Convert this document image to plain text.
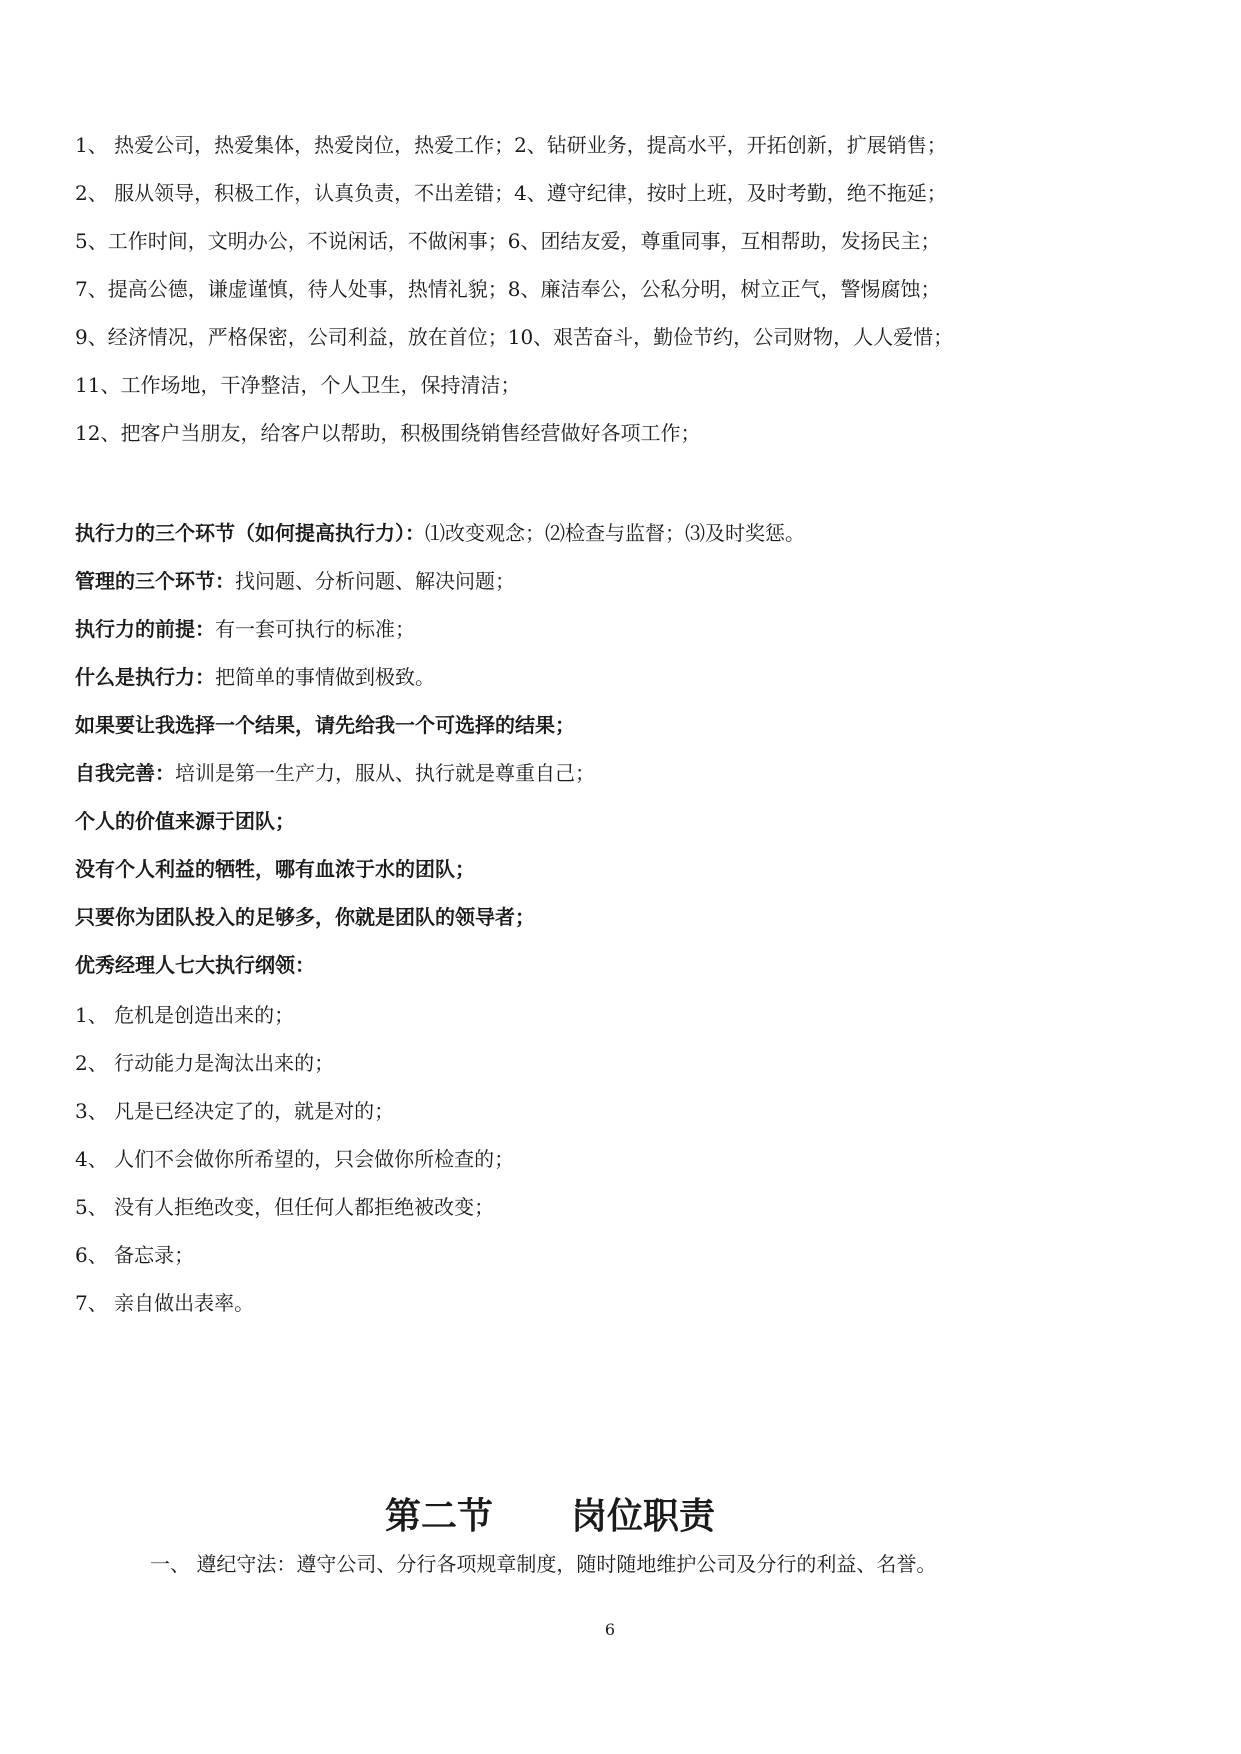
1、 热爱公司，热爱集体，热爱岗位，热爱工作；2、钻研业务，提高水平，开拓创新，扩展销售；
2、 服从领导，积极工作，认真负责，不出差错；4、遵守纪律，按时上班，及时考勤，绝不拖延；
5、工作时间，文明办公，不说闲话，不做闲事；6、团结友爱，尊重同事，互相帮助，发扬民主；
7、提高公德，谦虚谨慎，待人处事，热情礼貌；8、廉洁奉公，公私分明，树立正气，警惕腐蚀；
9、经济情况，严格保密，公司利益，放在首位；10、艰苦奋斗，勤俭节约，公司财物，人人爱惜；
11、工作场地，干净整洁，个人卫生，保持清洁；
12、把客户当朋友，给客户以帮助，积极围绕销售经营做好各项工作；
执行力的三个环节（如何提高执行力）：⑴改变观念；⑵检查与监督；⑶及时奖惩。
管理的三个环节：找问题、分析问题、解决问题；
执行力的前提：有一套可执行的标准；
什么是执行力：把简单的事情做到极致。
如果要让我选择一个结果，请先给我一个可选择的结果；
自我完善：培训是第一生产力，服从、执行就是尊重自己；
个人的价值来源于团队；
没有个人利益的牺牲，哪有血浓于水的团队；
只要你为团队投入的足够多，你就是团队的领导者；
优秀经理人七大执行纲领：
1、 危机是创造出来的；
2、 行动能力是淘汰出来的；
3、 凡是已经决定了的，就是对的；
4、 人们不会做你所希望的，只会做你所检查的；
5、 没有人拒绝改变，但任何人都拒绝被改变；
6、 备忘录；
7、 亲自做出表率。
第二节 岗位职责
一、 遵纪守法：遵守公司、分行各项规章制度，随时随地维护公司及分行的利益、名誉。
6
